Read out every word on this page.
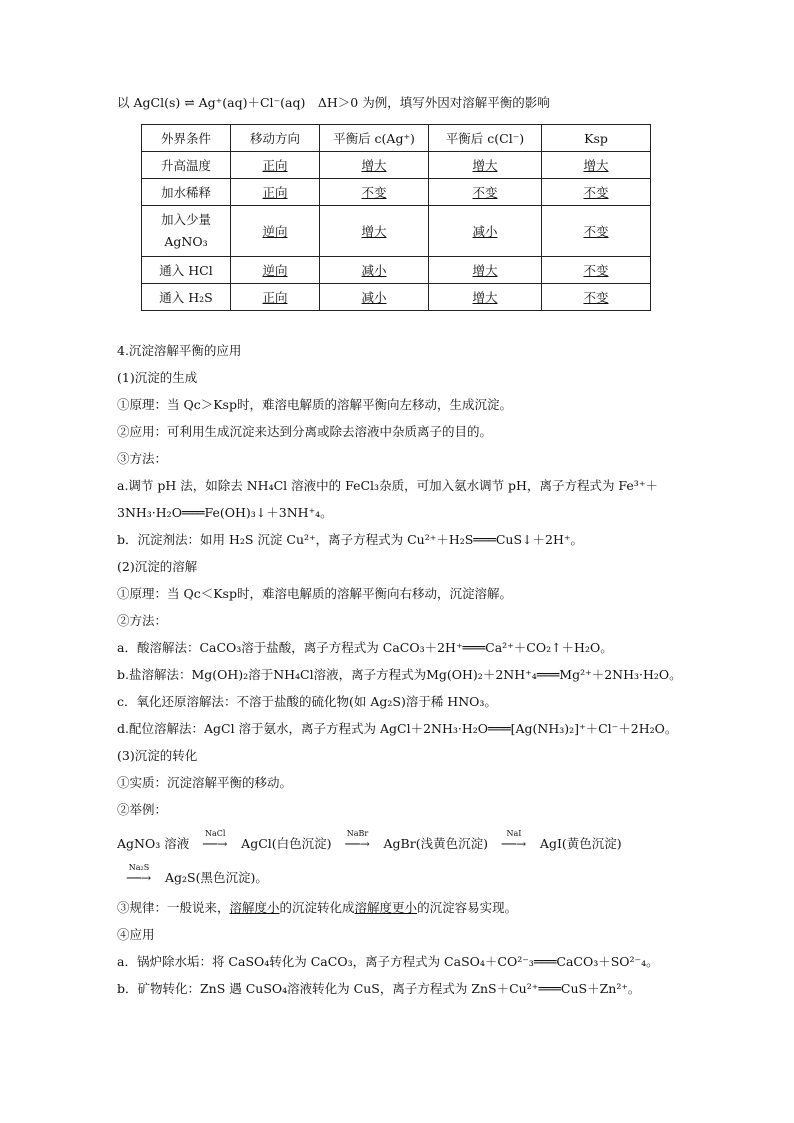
以 AgCl(s) ⇌ Ag⁺(aq)＋Cl⁻(aq)　ΔH＞0 为例，填写外因对溶解平衡的影响
外界条件	移动方向	平衡后 c(Ag⁺)	平衡后 c(Cl⁻)	Ksp
升高温度	正向	增大	增大	增大
加水稀释	正向	不变	不变	不变
加入少量
AgNO₃	逆向	增大	减小	不变
通入 HCl	逆向	减小	增大	不变
通入 H₂S	正向	减小	增大	不变
4.沉淀溶解平衡的应用
(1)沉淀的生成
①原理：当 Qc＞Ksp时，难溶电解质的溶解平衡向左移动，生成沉淀。
②应用：可利用生成沉淀来达到分离或除去溶液中杂质离子的目的。
③方法：
a.调节 pH 法，如除去 NH₄Cl 溶液中的 FeCl₃杂质，可加入氨水调节 pH，离子方程式为 Fe³⁺＋
3NH₃·H₂O═══Fe(OH)₃↓＋3NH⁺₄。
b．沉淀剂法：如用 H₂S 沉淀 Cu²⁺，离子方程式为 Cu²⁺＋H₂S═══CuS↓＋2H⁺。
(2)沉淀的溶解
①原理：当 Qc＜Ksp时，难溶电解质的溶解平衡向右移动，沉淀溶解。
②方法：
a．酸溶解法：CaCO₃溶于盐酸，离子方程式为 CaCO₃＋2H⁺═══Ca²⁺＋CO₂↑＋H₂O。
b.盐溶解法：Mg(OH)₂溶于NH₄Cl溶液，离子方程式为Mg(OH)₂＋2NH⁺₄═══Mg²⁺＋2NH₃·H₂O。
c．氧化还原溶解法：不溶于盐酸的硫化物(如 Ag₂S)溶于稀 HNO₃。
d.配位溶解法：AgCl 溶于氨水，离子方程式为 AgCl＋2NH₃·H₂O═══[Ag(NH₃)₂]⁺＋Cl⁻＋2H₂O。
(3)沉淀的转化
①实质：沉淀溶解平衡的移动。
②举例：
AgNO₃ 溶液
NaCl
──→ AgCl(白色沉淀)
NaBr
──→ AgBr(浅黄色沉淀)
NaI
──→ AgI(黄色沉淀)
Na₂S
──→ Ag₂S(黑色沉淀)。
③规律：一般说来，溶解度小的沉淀转化成溶解度更小的沉淀容易实现。
④应用
a．锅炉除水垢：将 CaSO₄转化为 CaCO₃，离子方程式为 CaSO₄＋CO²⁻₃═══CaCO₃＋SO²⁻₄。
b．矿物转化：ZnS 遇 CuSO₄溶液转化为 CuS，离子方程式为 ZnS＋Cu²⁺═══CuS＋Zn²⁺。
